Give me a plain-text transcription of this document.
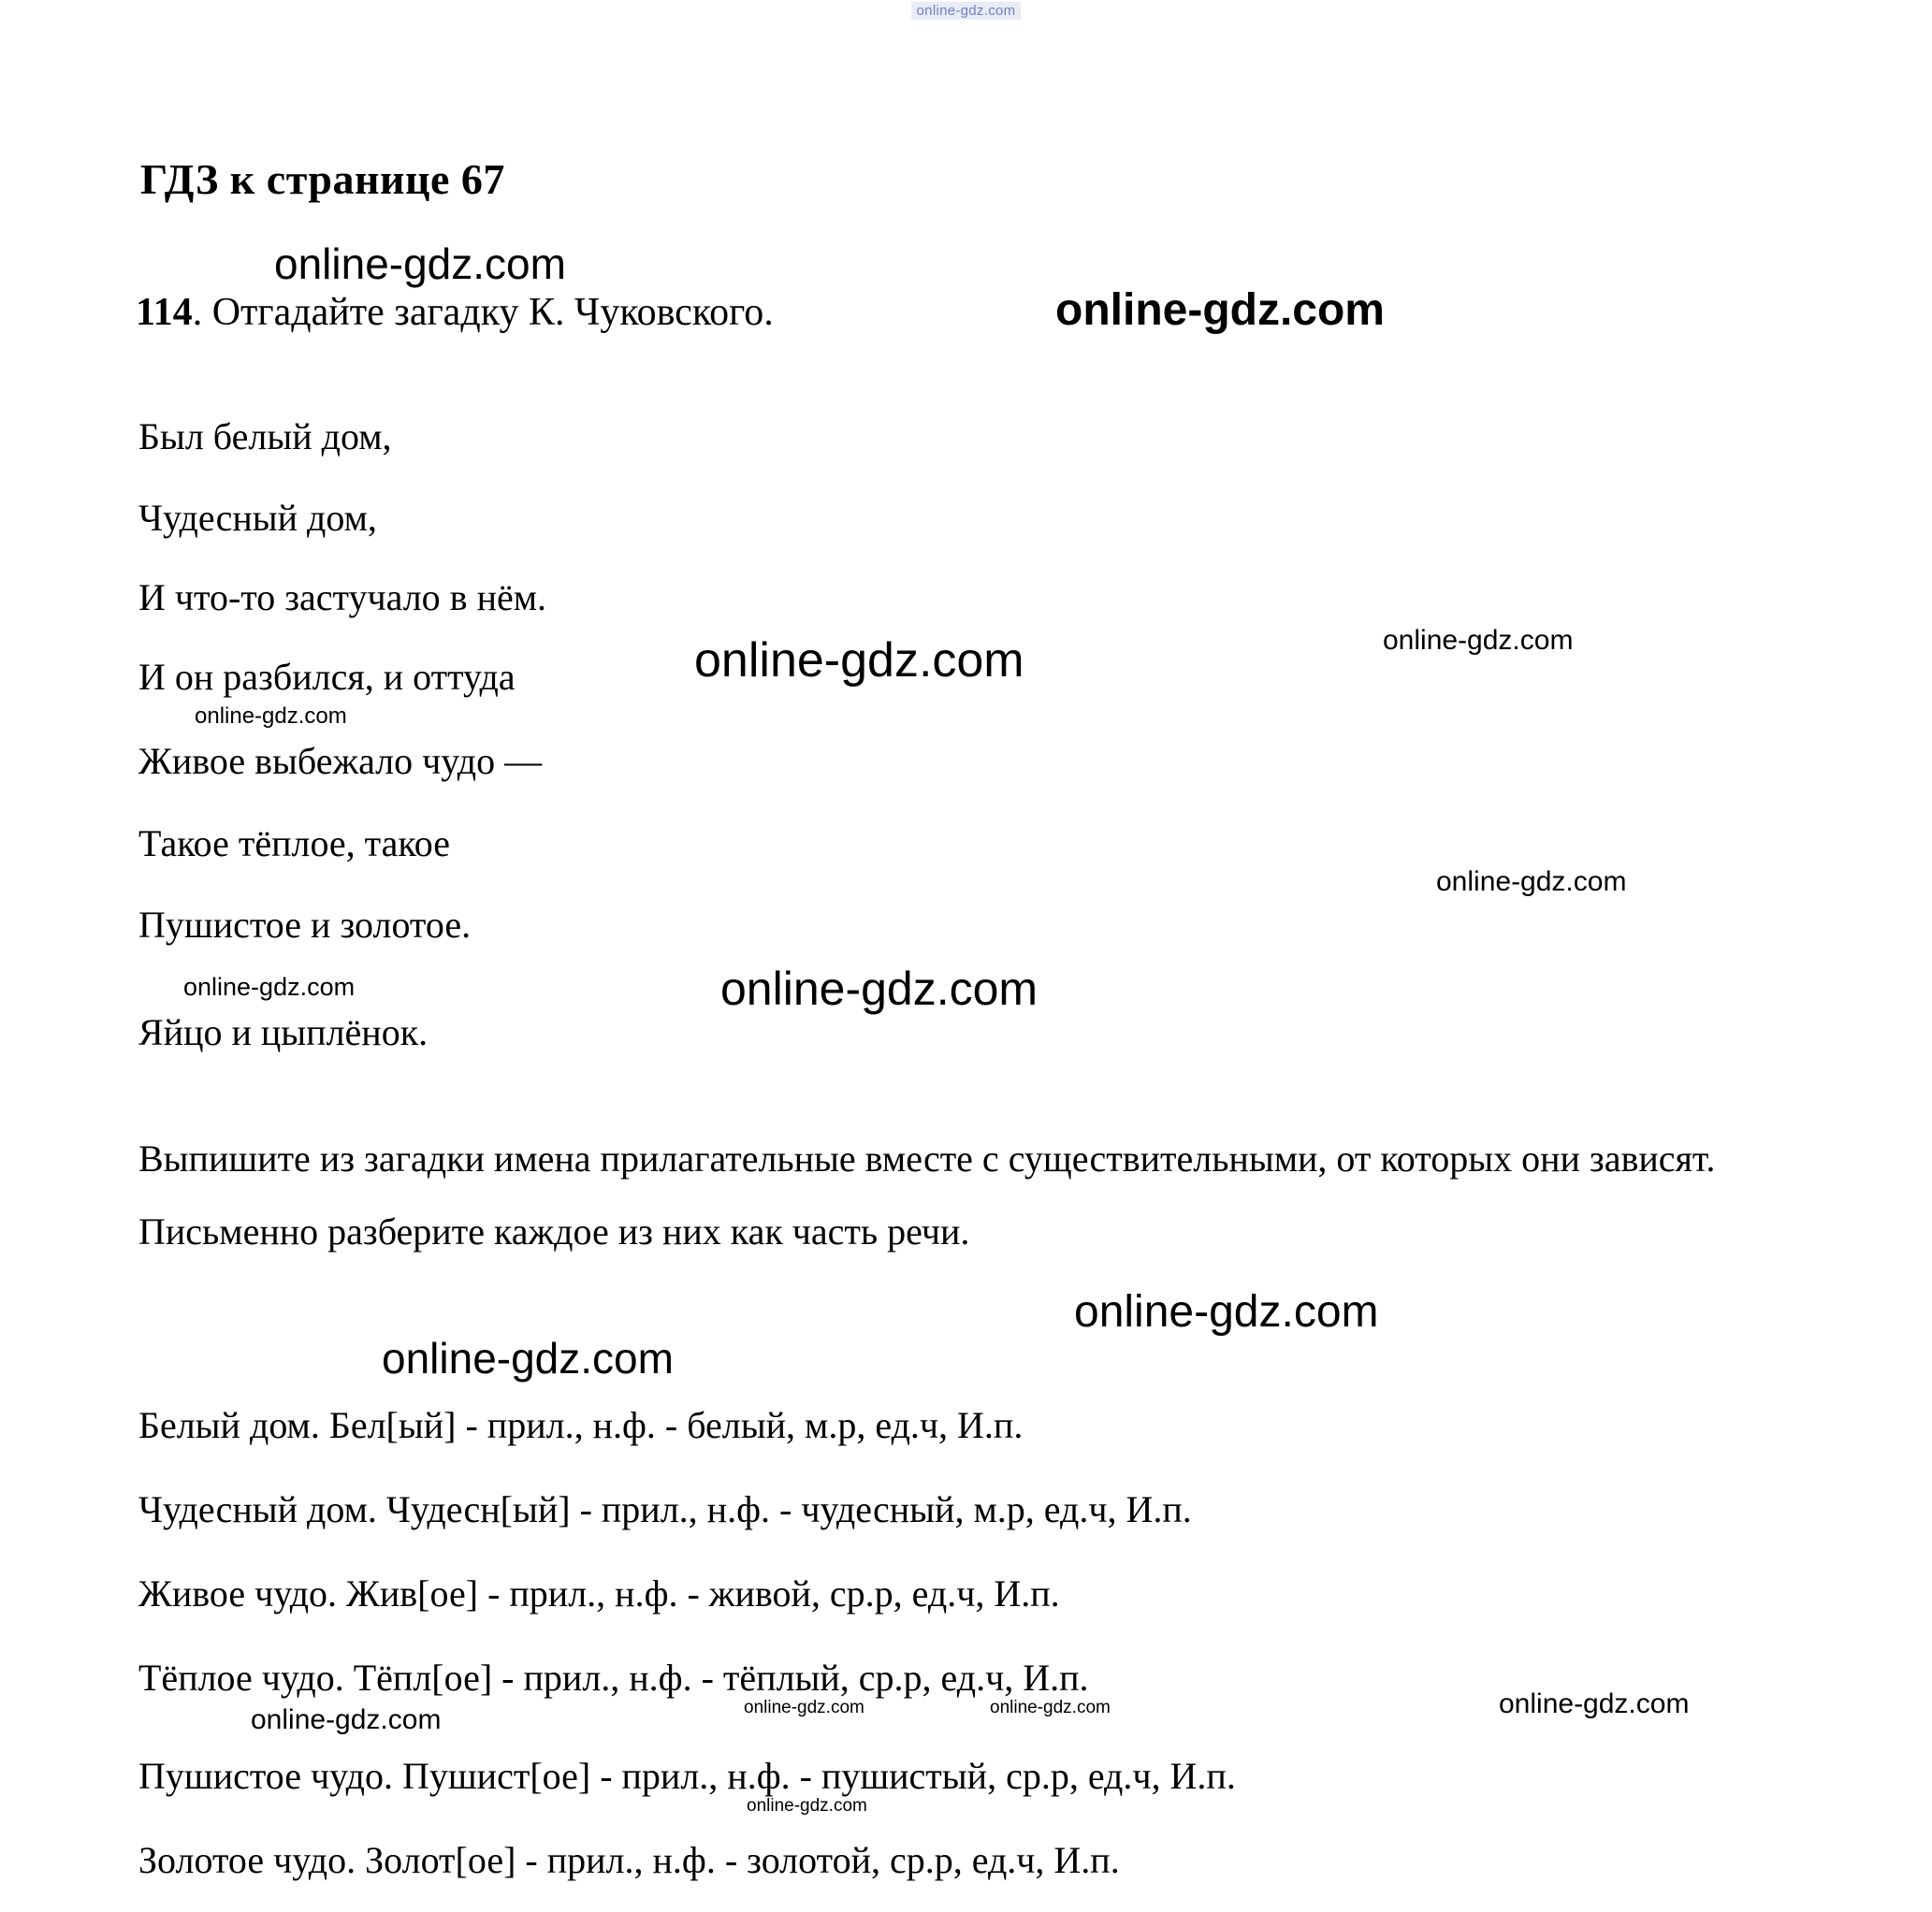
online-gdz.com
ГДЗ к странице 67
online-gdz.com
114. Отгадайте загадку К. Чуковского.	online-gdz.com
Был белый дом,
Чудесный дом,
И что-то застучало в нём.
И он разбился, и оттуда
Живое выбежало чудо —
Такое тёплое, такое
Пушистое и золотое.
online-gdz.com	online-gdz.com
online-gdz.com
online-gdz.com
online-gdz.com	online-gdz.com
Яйцо и цыплёнок.
Выпишите из загадки имена прилагательные вместе с существительными, от которых они зависят. Письменно разберите каждое из них как часть речи.
online-gdz.com
online-gdz.com
Белый дом. Бел[ый] - прил., н.ф. - белый, м.р, ед.ч, И.п.
Чудесный дом. Чудесн[ый] - прил., н.ф. - чудесный, м.р, ед.ч, И.п.
Живое чудо. Жив[ое] - прил., н.ф. - живой, ср.р, ед.ч, И.п.
Тёплое чудо. Тёпл[ое] - прил., н.ф. - тёплый, ср.р, ед.ч, И.п.
Пушистое чудо. Пушист[ое] - прил., н.ф. - пушистый, ср.р, ед.ч, И.п.
Золотое чудо. Золот[ое] - прил., н.ф. - золотой, ср.р, ед.ч, И.п.
online-gdz.com	online-gdz.com	online-gdz.com
online-gdz.com
online-gdz.com
